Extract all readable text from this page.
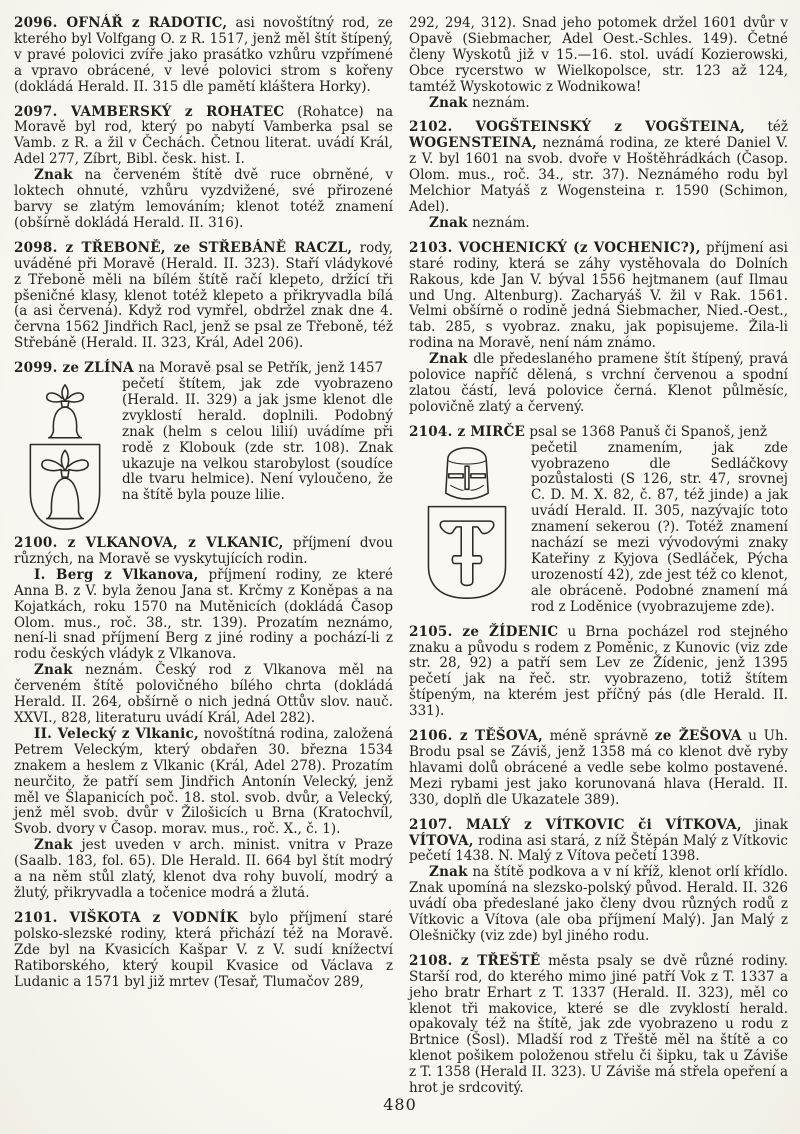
2096. OFNÁŘ z RADOTIC, asi novoštítný rod, ze kterého byl Volfgang O. z R. 1517, jenž měl štít štípený, v pravé polovici zvíře jako prasátko vzhůru vzpřímené a vpravo obrácené, v levé polovici strom s kořeny (dokládá Herald. II. 315 dle pamětí kláštera Horky).

2097. VAMBERSKÝ z ROHATEC (Rohatce) na Moravě byl rod, který po nabytí Vamberka psal se Vamb. z R. a žil v Čechách. Četnou literat. uvádí Král, Adel 277, Zíbrt, Bibl. česk. hist. I.

Znak na červeném štítě dvě ruce obrněné, v loktech ohnuté, vzhůru vyzdvižené, své přirozené barvy se zlatým lemováním; klenot totéž znamení (obšírně dokládá Herald. II. 316).

2098. z TŘEBONĚ, ze STŘEBÁNĚ RACZL, rody, uváděné při Moravě (Herald. II. 323). Staří vládykové z Třeboně měli na bílém štítě račí klepeto, držící tři pšeničné klasy, klenot totéž klepeto a přikryvadla bílá (a asi červená). Když rod vymřel, obdržel znak dne 4. června 1562 Jindřich Racl, jenž se psal ze Třeboně, též Střebáně (Herald. II. 323, Král, Adel 206).

2099. ze ZLÍNA na Moravě psal se Petřík, jenž 1457

pečetí štítem, jak zde vyobrazeno (Herald. II. 329) a jak jsme klenot dle zvyklostí herald. doplnili. Podobný znak (helm s celou lilií) uvádíme při rodě z Klobouk (zde str. 108). Znak ukazuje na velkou starobylost (soudíce dle tvaru helmice). Není vyloučeno, že na štítě byla pouze lilie.

2100. z VLKANOVA, z VLKANIC, příjmení dvou různých, na Moravě se vyskytujících rodin.

I. Berg z Vlkanova, příjmení rodiny, ze které Anna B. z V. byla ženou Jana st. Krčmy z Koněpas a na Kojatkách, roku 1570 na Mutěnicích (dokládá Časop Olom. mus., roč. 38., str. 139). Prozatím neznámo, není-li snad příjmení Berg z jiné rodiny a pochází-li z rodu českých vládyk z Vlkanova.

Znak neznám. Český rod z Vlkanova měl na červeném štítě polovičného bílého chrta (dokládá Herald. II. 264, obšírně o nich jedná Ottův slov. nauč. XXVI., 828, literaturu uvádí Král, Adel 282).

II. Velecký z Vlkanic, novoštítná rodina, založená Petrem Veleckým, který obdařen 30. března 1534 znakem a heslem z Vlkanic (Král, Adel 278). Prozatím neurčito, že patří sem Jindřich Antonín Velecký, jenž měl ve Šlapanicích poč. 18. stol. svob. dvůr, a Velecký, jenž měl svob. dvůr v Žilošicích u Brna (Kratochvíl, Svob. dvory v Časop. morav. mus., roč. X., č. 1).

Znak jest uveden v arch. minist. vnitra v Praze (Saalb. 183, fol. 65). Dle Herald. II. 664 byl štít modrý a na něm stůl zlatý, klenot dva rohy buvolí, modrý a žlutý, přikryvadla a točenice modrá a žlutá.

2101. VIŠKOTA z VODNÍK bylo příjmení staré polsko-slezské rodiny, která přichází též na Moravě. Zde byl na Kvasicích Kašpar V. z V. sudí knížectví Ratiborského, který koupil Kvasice od Václava z Ludanic a 1571 byl již mrtev (Tesař, Tlumačov 289,

292, 294, 312). Snad jeho potomek držel 1601 dvůr v Opavě (Siebmacher, Adel Oest.-Schles. 149). Četné členy Wyskotů již v 15.—16. stol. uvádí Kozierowski, Obce rycerstwo w Wielkopolsce, str. 123 až 124, tamtéž Wyskotowic z Wodnikowa!

Znak neznám.

2102. VOGŠTEINSKÝ z VOGŠTEINA, též WOGENSTEINA, neznámá rodina, ze které Daniel V. z V. byl 1601 na svob. dvoře v Hoštěhrádkách (Časop. Olom. mus., roč. 34., str. 37). Neznámého rodu byl Melchior Matyáš z Wogensteina r. 1590 (Schimon, Adel).

Znak neznám.

2103. VOCHENICKÝ (z VOCHENIC?), příjmení asi staré rodiny, která se záhy vystěhovala do Dolních Rakous, kde Jan V. býval 1556 hejtmanem (auf Ilmau und Ung. Altenburg). Zacharyáš V. žil v Rak. 1561. Velmi obšírně o rodině jedná Siebmacher, Nied.-Oest., tab. 285, s vyobraz. znaku, jak popisujeme. Žila-li rodina na Moravě, není nám známo.

Znak dle předeslaného pramene štít štípený, pravá polovice napříč dělená, s vrchní červenou a spodní zlatou částí, levá polovice černá. Klenot půlměsíc, polovičně zlatý a červený.

2104. z MIRČE psal se 1368 Panuš či Spanoš, jenž

pečetil znamením, jak zde vyobrazeno dle Sedláčkovy pozůstalosti (S 126, str. 47, srovnej C. D. M. X. 82, č. 87, též jinde) a jak uvádí Herald. II. 305, nazývajíc toto znamení sekerou (?). Totéž znamení nachází se mezi vývodovými znaky Kateřiny z Kyjova (Sedláček, Pýcha urozeností 42), zde jest též co klenot, ale obráceně. Podobné znamení má rod z Loděnice (vyobrazujeme zde).

2105. ze ŽÍDENIC u Brna pocházel rod stejného znaku a původu s rodem z Poměnic, z Kunovic (viz zde str. 28, 92) a patří sem Lev ze Žídenic, jenž 1395 pečetí jak na řeč. str. vyobrazeno, totiž štítem štípeným, na kterém jest příčný pás (dle Herald. II. 331).

2106. z TĚŠOVA, méně správně ze ŽEŠOVA u Uh. Brodu psal se Záviš, jenž 1358 má co klenot dvě ryby hlavami dolů obrácené a vedle sebe kolmo postavené. Mezi rybami jest jako korunovaná hlava (Herald. II. 330, doplň dle Ukazatele 389).

2107. MALÝ z VÍTKOVIC či VÍTKOVA, jinak VÍTOVA, rodina asi stará, z níž Štěpán Malý z Vítkovic pečetí 1438. N. Malý z Vítova pečetí 1398.

Znak na štítě podkova a v ní kříž, klenot orlí křídlo. Znak upomíná na slezsko-polský původ. Herald. II. 326 uvádí oba předeslané jako členy dvou různých rodů z Vítkovic a Vítova (ale oba příjmení Malý). Jan Malý z Olešničky (viz zde) byl jiného rodu.

2108. z TŘEŠTĚ města psaly se dvě různé rodiny. Starší rod, do kterého mimo jiné patří Vok z T. 1337 a jeho bratr Erhart z T. 1337 (Herald. II. 323), měl co klenot tři makovice, které se dle zvyklostí herald. opakovaly též na štítě, jak zde vyobrazeno u rodu z Brtnice (Šosl). Mladší rod z Třeště měl na štítě a co klenot pošikem položenou střelu či šipku, tak u Záviše z T. 1358 (Herald II. 323). U Záviše má střela opeření a hrot je srdcovitý.

480
